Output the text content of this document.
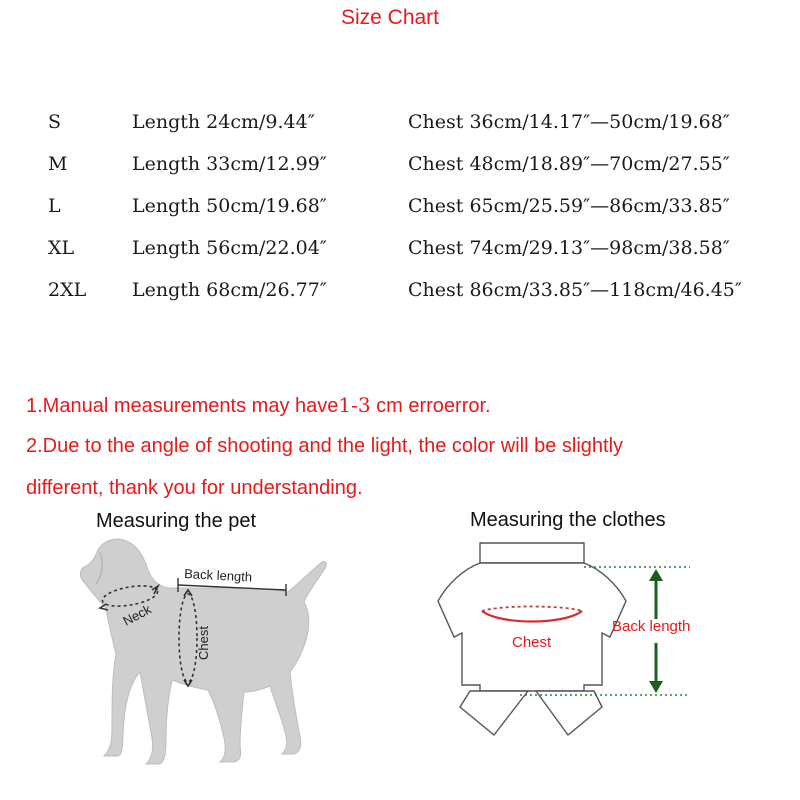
Size Chart
S	Length 24cm/9.44″	Chest 36cm/14.17″—50cm/19.68″
M	Length 33cm/12.99″	Chest 48cm/18.89″—70cm/27.55″
L	Length 50cm/19.68″	Chest 65cm/25.59″—86cm/33.85″
XL	Length 56cm/22.04″	Chest 74cm/29.13″—98cm/38.58″
2XL Length 68cm/26.77″	Chest 86cm/33.85″—118cm/46.45″
1.Manual measurements may have1-3 cm erroerror.
2.Due to the angle of shooting and the light, the color will be slightly
different, thank you for understanding.
Measuring the pet	Measuring the clothes
Back length
Neck
Chest	Chest
Back length
